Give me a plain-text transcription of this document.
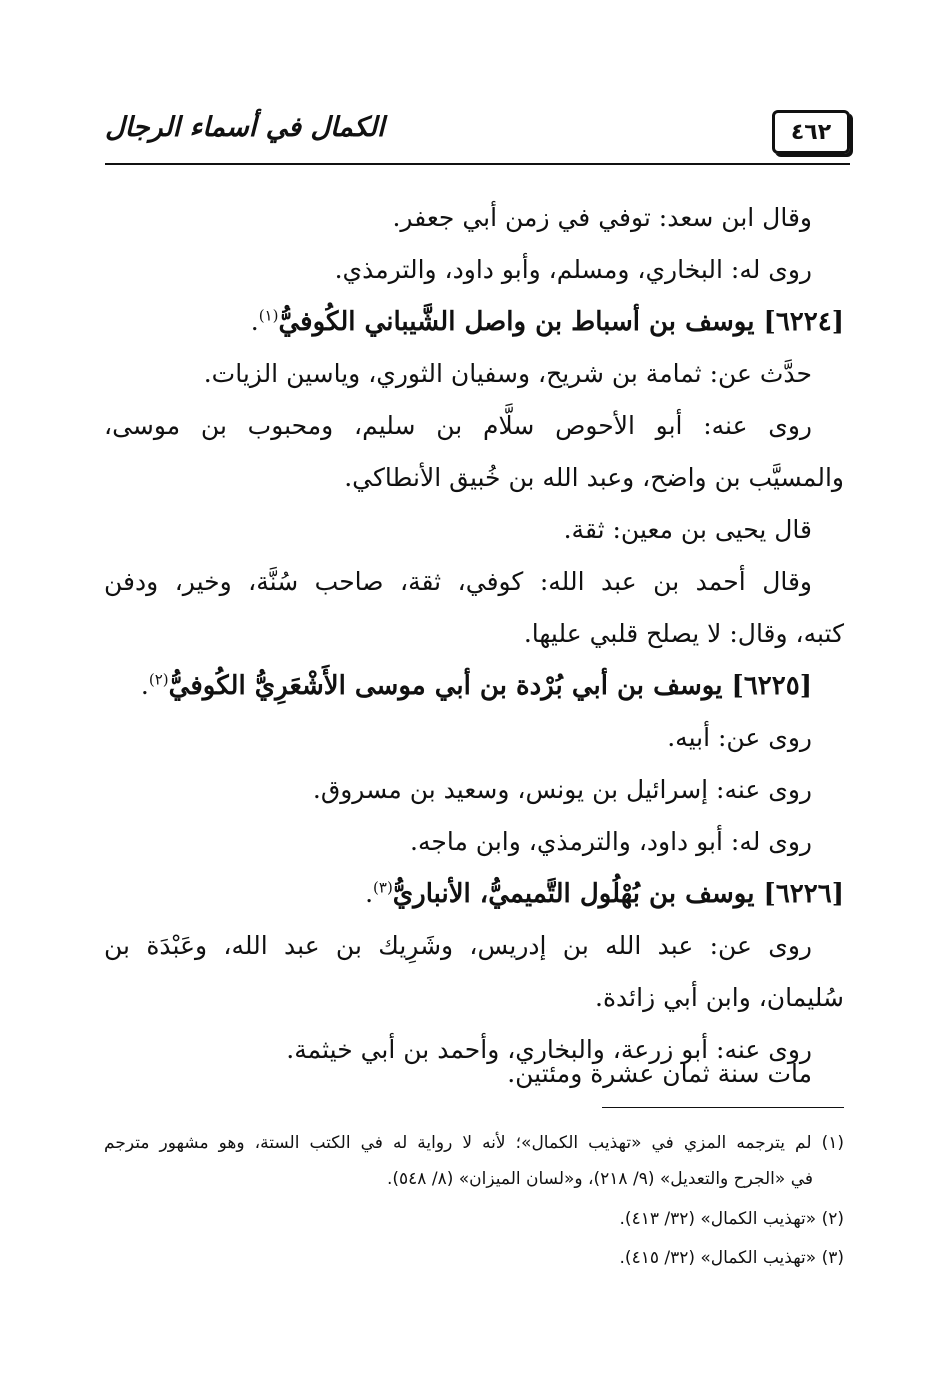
٤٦٢
الكمال في أسماء الرجال
وقال ابن سعد: توفي في زمن أبي جعفر.
روى له: البخاري، ومسلم، وأبو داود، والترمذي.
[٦٢٢٤] يوسف بن أسباط بن واصل الشَّيباني الكُوفيُّ$^{(١)}$.
حدَّث عن: ثمامة بن شريح، وسفيان الثوري، وياسين الزيات.
روى عنه: أبو الأحوص سلَّام بن سليم، ومحبوب بن موسى،
والمسيَّب بن واضح، وعبد الله بن خُبيق الأنطاكي.
قال يحيى بن معين: ثقة.
وقال أحمد بن عبد الله: كوفي، ثقة، صاحب سُنَّة، وخير، ودفن
كتبه، وقال: لا يصلح قلبي عليها.
[٦٢٢٥] يوسف بن أبي بُرْدة بن أبي موسى الأَشْعَرِيُّ الكُوفيُّ$^{(٢)}$.
روى عن: أبيه.
روى عنه: إسرائيل بن يونس، وسعيد بن مسروق.
روى له: أبو داود، والترمذي، وابن ماجه.
[٦٢٢٦] يوسف بن بُهْلُول التَّميميُّ، الأنباريُّ$^{(٣)}$.
روى عن: عبد الله بن إدريس، وشَرِيك بن عبد الله، وعَبْدَة بن
سُليمان، وابن أبي زائدة.
روى عنه: أبو زرعة، والبخاري، وأحمد بن أبي خيثمة.
مات سنة ثمان عشرة ومئتين.
(١) لم يترجمه المزي في «تهذيب الكمال»؛ لأنه لا رواية له في الكتب الستة، وهو مشهور مترجم
في «الجرح والتعديل» (٩/ ٢١٨)، و«لسان الميزان» (٨/ ٥٤٨).
(٢) «تهذيب الكمال» (٣٢/ ٤١٣).
(٣) «تهذيب الكمال» (٣٢/ ٤١٥).
